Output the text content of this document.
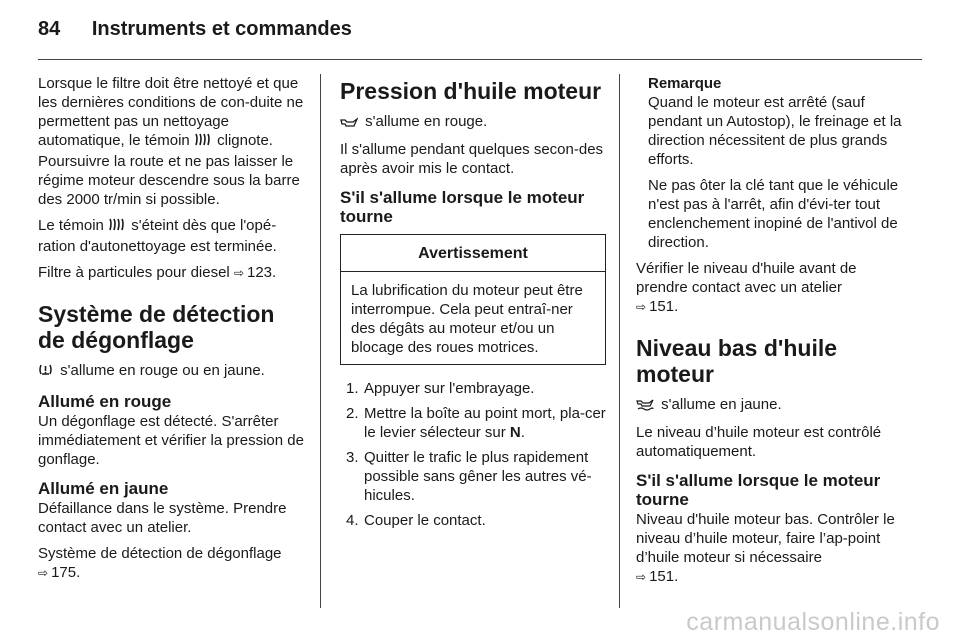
84 Instruments et commandes

Lorsque le filtre doit être nettoyé et que les dernières conditions de con-duite ne permettent pas un nettoyage automatique, le témoin clignote. Poursuivre la route et ne pas laisser le régime moteur descendre sous la barre des 2000 tr/min si possible.

Le témoin s'éteint dès que l'opé-ration d'autonettoyage est terminée.

Filtre à particules pour diesel ⇨ 123.

Système de détection de dégonflage

s'allume en rouge ou en jaune.

Allumé en rouge

Un dégonflage est détecté. S'arrêter immédiatement et vérifier la pression de gonflage.

Allumé en jaune

Défaillance dans le système. Prendre contact avec un atelier.

Système de détection de dégonflage
⇨ 175.

Pression d'huile moteur

s'allume en rouge.

Il s'allume pendant quelques secon-des après avoir mis le contact.

S'il s'allume lorsque le moteur tourne
Avertissement
La lubrification du moteur peut être interrompue. Cela peut entraî-ner des dégâts au moteur et/ou un blocage des roues motrices.
1. Appuyer sur l'embrayage.
2. Mettre la boîte au point mort, pla-cer le levier sélecteur sur N.
3. Quitter le trafic le plus rapidement possible sans gêner les autres vé-hicules.
4. Couper le contact.
Remarque

Quand le moteur est arrêté (sauf pendant un Autostop), le freinage et la direction nécessitent de plus grands efforts.

Ne pas ôter la clé tant que le véhicule n'est pas à l'arrêt, afin d'évi-ter tout enclenchement inopiné de l'antivol de direction.

Vérifier le niveau d'huile avant de prendre contact avec un atelier
⇨ 151.

Niveau bas d'huile moteur

s'allume en jaune.

Le niveau d’huile moteur est contrôlé automatiquement.

S'il s'allume lorsque le moteur tourne

Niveau d'huile moteur bas. Contrôler le niveau d’huile moteur, faire l’ap-point d’huile moteur si nécessaire
⇨ 151.

carmanualsonline.info
